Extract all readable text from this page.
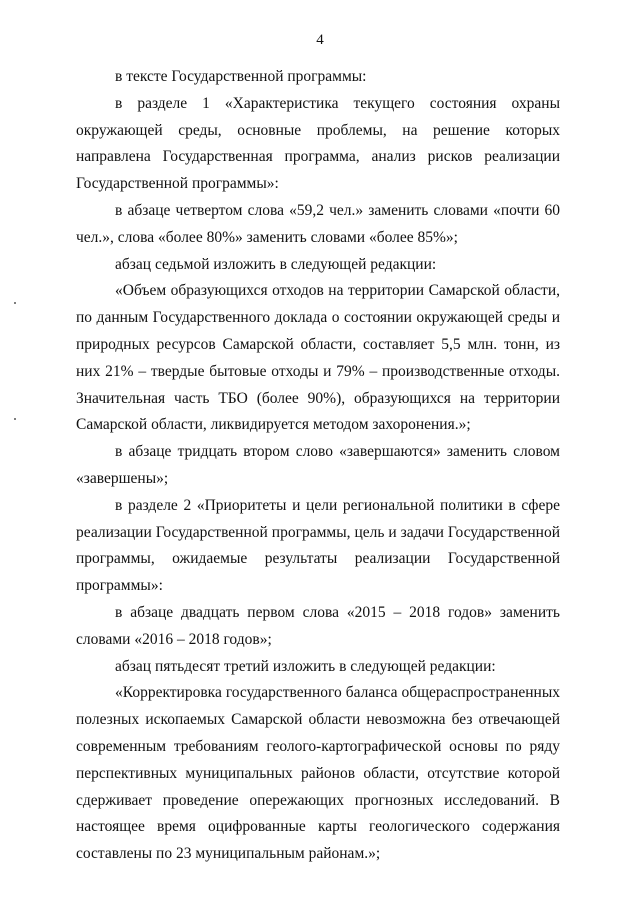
4

в тексте Государственной программы:

в разделе 1 «Характеристика текущего состояния охраны окружающей среды, основные проблемы, на решение которых направлена Государственная программа, анализ рисков реализации Государственной программы»:

в абзаце четвертом слова «59,2 чел.» заменить словами «почти 60 чел.», слова «более 80%» заменить словами «более 85%»;

абзац седьмой изложить в следующей редакции:

«Объем образующихся отходов на территории Самарской области, по данным Государственного доклада о состоянии окружающей среды и природных ресурсов Самарской области, составляет 5,5 млн. тонн, из них 21% – твердые бытовые отходы и 79% – производственные отходы. Значительная часть ТБО (более 90%), образующихся на территории Самарской области, ликвидируется методом захоронения.»;

в абзаце тридцать втором слово «завершаются» заменить словом «завершены»;

в разделе 2 «Приоритеты и цели региональной политики в сфере реализации Государственной программы, цель и задачи Государственной программы, ожидаемые результаты реализации Государственной программы»:

в абзаце двадцать первом слова «2015 – 2018 годов» заменить словами «2016 – 2018 годов»;

абзац пятьдесят третий изложить в следующей редакции:

«Корректировка государственного баланса общераспространенных полезных ископаемых Самарской области невозможна без отвечающей современным требованиям геолого-картографической основы по ряду перспективных муниципальных районов области, отсутствие которой сдерживает проведение опережающих прогнозных исследований. В настоящее время оцифрованные карты геологического содержания составлены по 23 муниципальным районам.»;
